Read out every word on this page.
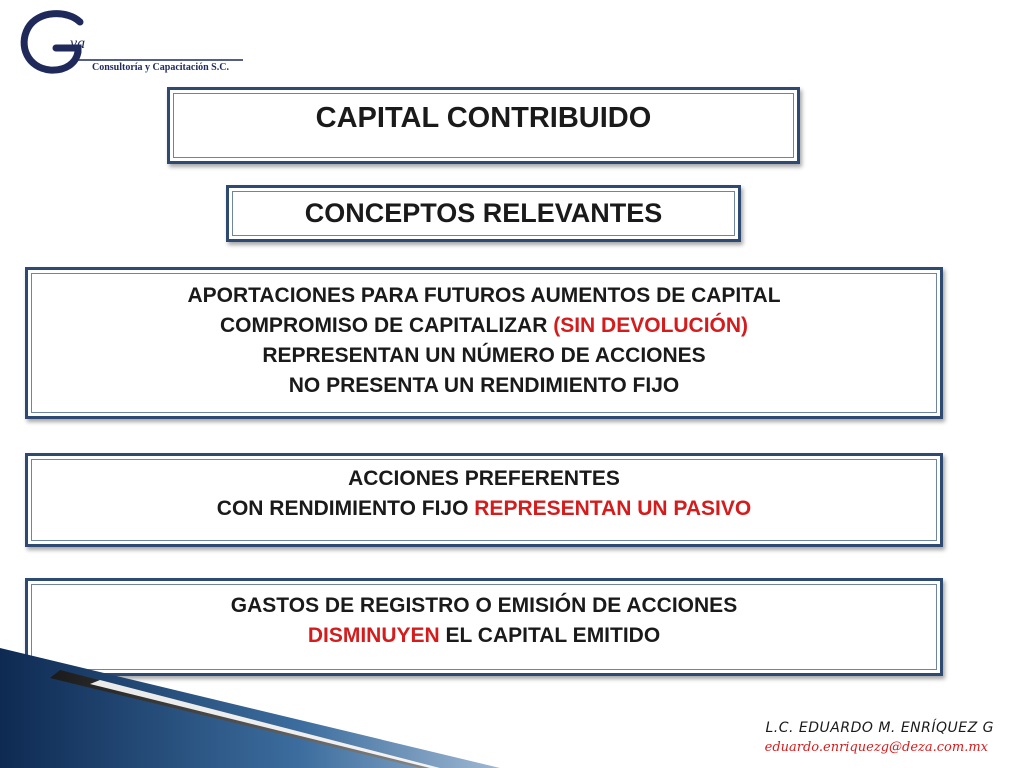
va
Consultoría y Capacitación S.C.
CAPITAL CONTRIBUIDO
CONCEPTOS RELEVANTES
APORTACIONES PARA FUTUROS AUMENTOS DE CAPITAL
COMPROMISO DE CAPITALIZAR (SIN DEVOLUCIÓN)
REPRESENTAN UN NÚMERO DE ACCIONES
NO PRESENTA UN RENDIMIENTO FIJO
ACCIONES PREFERENTES
CON RENDIMIENTO FIJO REPRESENTAN UN PASIVO
GASTOS DE REGISTRO O EMISIÓN DE ACCIONES
DISMINUYEN EL CAPITAL EMITIDO
L.C. EDUARDO M. ENRÍQUEZ G
eduardo.enriquezg@deza.com.mx
